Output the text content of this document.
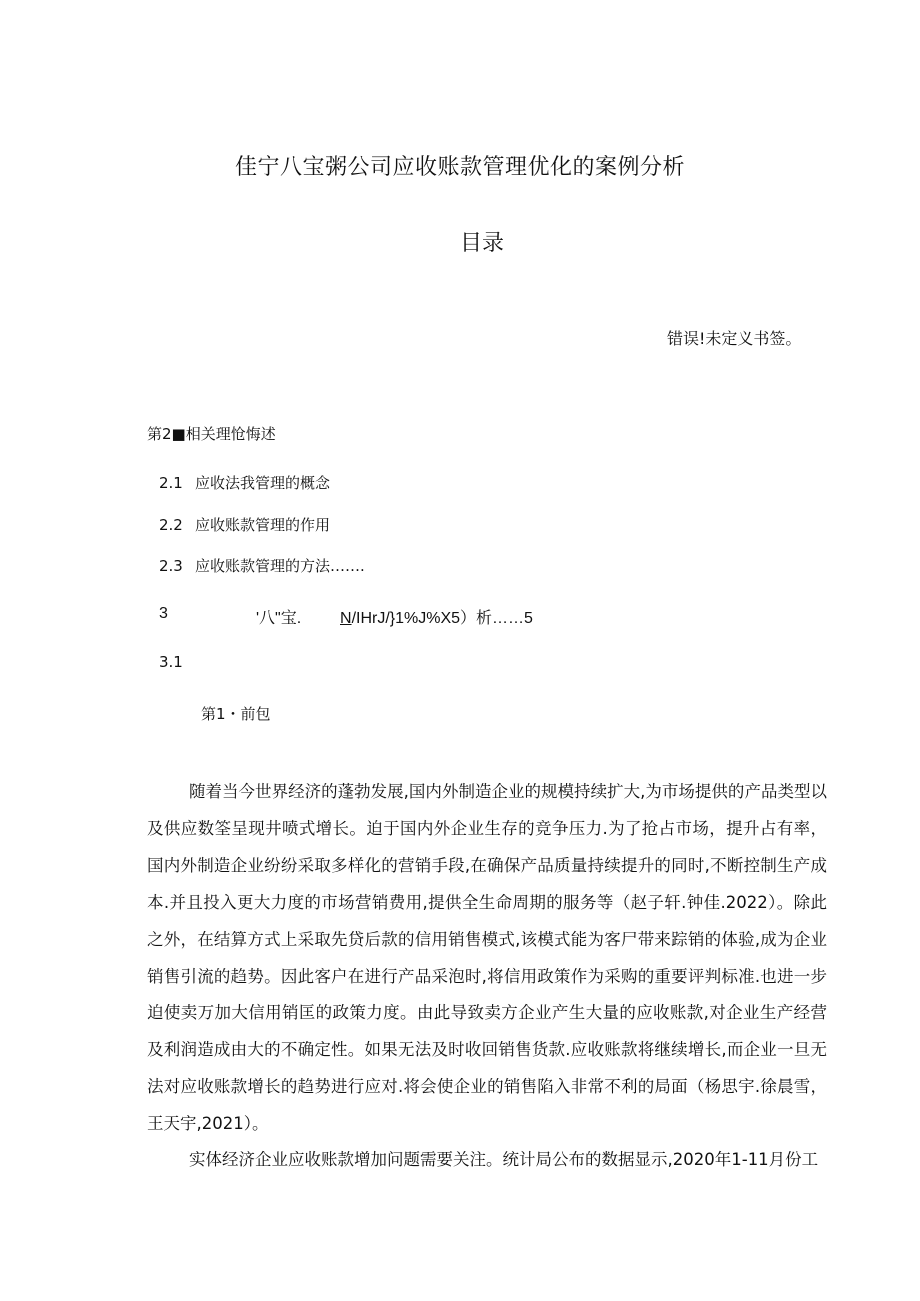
佳宁八宝粥公司应收账款管理优化的案例分析
目录
错误!未定义书签。
第2■相关理怆悔述
2.1 应收法我管理的概念
2.2 应收账款管理的作用
2.3 应收账款管理的方法…….
3	'八"宝. N/IHrJ/}1%J%X5）析……5
3.1
第1・前包
随着当今世界经济的蓬勃发展,国内外制造企业的规模持续扩大,为市场提供的产品类型以及供应数筌呈现井喷式增长。迫于国内外企业生存的竞争压力.为了抢占市场，提升占有率，国内外制造企业纷纷采取多样化的营销手段,在确保产品质量持续提升的同时,不断控制生产成本.并且投入更大力度的市场营销费用,提供全生命周期的服务等（赵子轩.钟佳.2022）。除此之外，在结算方式上采取先贷后款的信用销售模式,该模式能为客尸带来踪销的体验,成为企业销售引流的趋势。因此客户在进行产品采泡时,将信用政策作为采购的重要评判标准.也进一步迫使卖万加大信用销匡的政策力度。由此导致卖方企业产生大量的应收账款,对企业生产经营及利润造成由大的不确定性。如果无法及时收回销售货款.应收账款将继续增长,而企业一旦无法对应收账款增长的趋势进行应对.将会使企业的销售陷入非常不利的局面（杨思宇.徐晨雪，王天宇,2021）。
实体经济企业应收账款增加问题需要关注。统计局公布的数据显示,2020年1-11月份工
